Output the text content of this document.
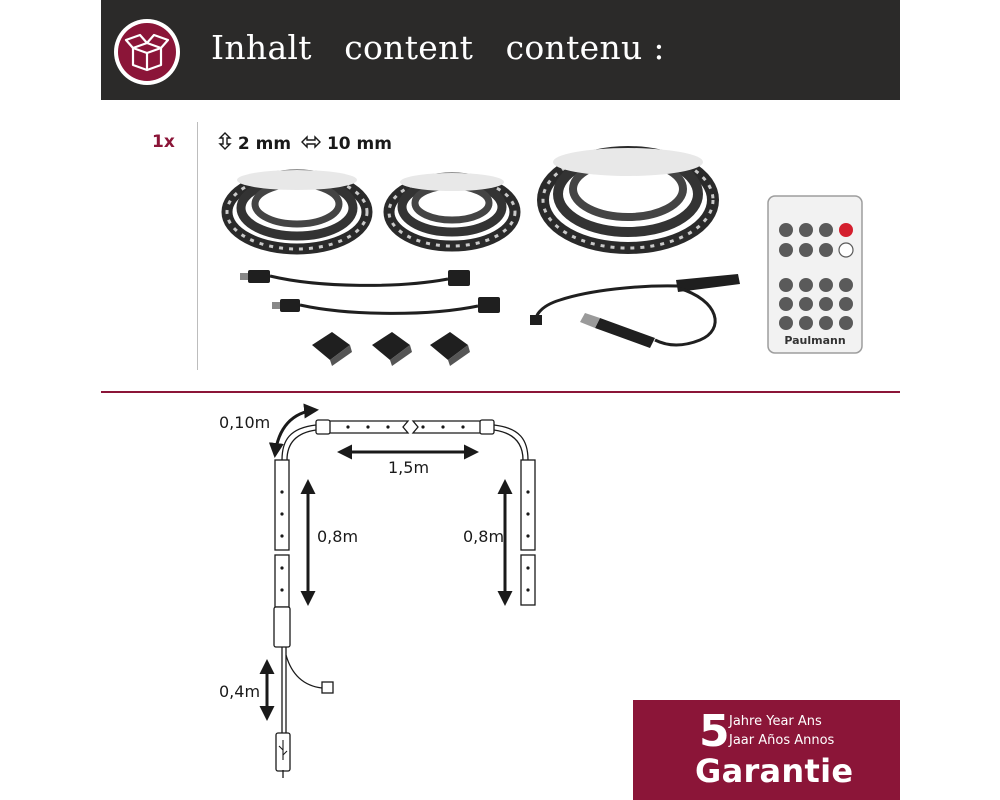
Inhalt   content   contenu :
1x	2 mm 10 mm
Paulmann
0,10m
1,5m
0,8m	0,8m
0,4m
5 Jahre Year Ans
Jaar Años Annos
Garantie
